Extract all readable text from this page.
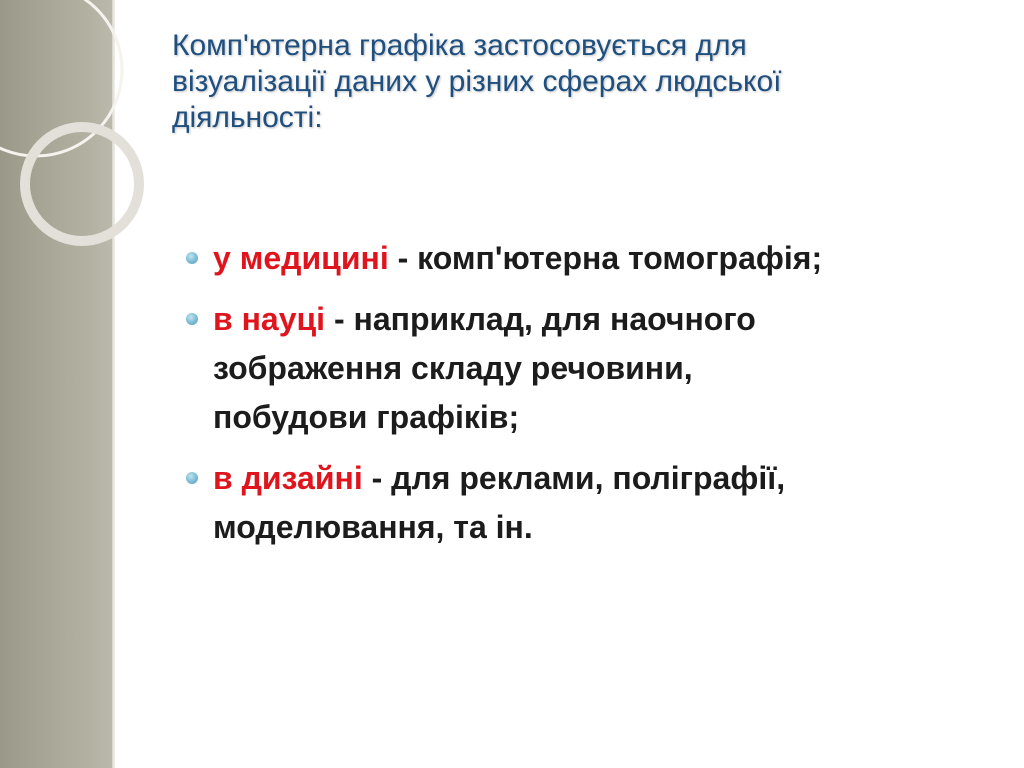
Комп'ютерна графіка застосовується для
візуалізації даних у різних сферах людської
діяльності:
у медицині - комп'ютерна томографія;
в науці - наприклад, для наочного
зображення складу речовини,
побудови графіків;
в дизайні - для реклами, поліграфії,
моделювання, та ін.
